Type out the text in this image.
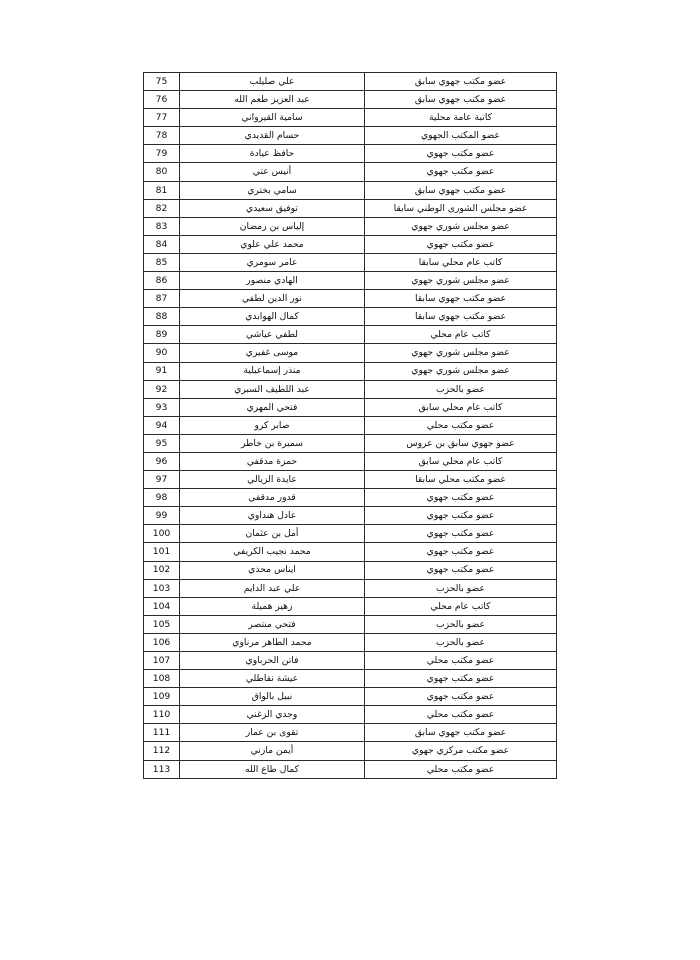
عضو مكتب جهوي سابق	علي صليلب	75
عضو مكتب جهوي سابق	عبد العزيز طعم الله	76
كاتبة عامة محلية	سامية القيرواني	77
عضو المكتب الجهوي	حسام القديدي	78
عضو مكتب جهوي	حافظ عيادة	79
عضو مكتب جهوي	أنيس عتي	80
عضو مكتب جهوي سابق	سامي بختري	81
عضو مجلس الشورى الوطني سابقا	توفيق سعيدي	82
عضو مجلس شوري جهوي	إلياس بن رمضان	83
عضو مكتب جهوي	محمد علي علوي	84
كاتب عام محلي سابقا	عامر سومري	85
عضو مجلس شوري جهوي	الهادي منصور	86
عضو مكتب جهوي سابقا	نور الدين لطفي	87
عضو مكتب جهوي سابقا	كمال الهوابدي	88
كاتب عام محلي	لطفي عياشي	89
عضو مجلس شوري جهوي	موسى غفيري	90
عضو مجلس شوري جهوي	منذر إسماعيلية	91
عضو بالحزب	عبد اللطيف السبري	92
كاتب عام محلي سابق	فتحي المهري	93
عضو مكتب محلي	صابر كرو	94
عضو جهوي سابق بن عروس	سميرة بن خاطر	95
كاتب عام محلي سابق	حمزة مدقفي	96
عضو مكتب محلي سابقا	عايدة الزيالي	97
عضو مكتب جهوي	قدور مدقفي	98
عضو مكتب جهوي	عادل هنداوي	99
عضو مكتب جهوي	أمل بن عثمان	100
عضو مكتب جهوي	محمد نجيب الكريفي	101
عضو مكتب جهوي	ايناس محذي	102
عضو بالحزب	علي عبد الدايم	103
كاتب عام محلي	زهير هميلة	104
عضو بالحزب	فتحي منتصر	105
عضو بالحزب	محمد الطاهر مرناوي	106
عضو مكتب محلي	فاتن الحرباوي	107
عضو مكتب جهوي	عيشة نقاطلي	108
عضو مكتب جهوي	نبيل بالواق	109
عضو مكتب محلي	وجدي الزغني	110
عضو مكتب جهوي سابق	تقوى بن عمار	111
عضو مكتب مركزي جهوي	أيمن مازني	112
عضو مكتب محلي	كمال طاع الله	113
